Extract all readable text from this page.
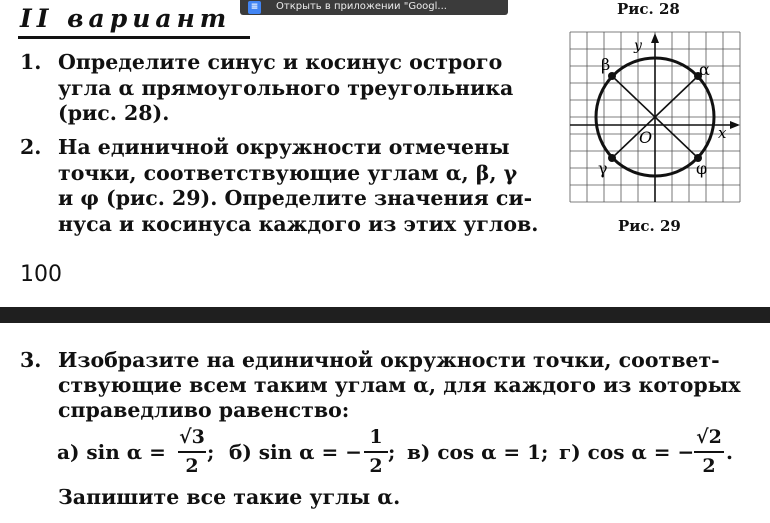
II вариант	≡ Открыть в приложении "Googl...
1. Определите синус и косинус острого
угла α прямоугольного треугольника
(рис. 28).
2. На единичной окружности отмечены
точки, соответствующие углам α, β, γ
и φ (рис. 29). Определите значения си-
нуса и косинуса каждого из этих углов.
100
Рис. 28
Рис. 29
y
x
O
α
β
γ	φ
3. Изобразите на единичной окружности точки, соответ-
ствующие всем таким углам α, для каждого из которых
справедливо равенство:
а) sin α =
√3
2
; б) sin α = −
1
2
; в) cos α = 1; г) cos α = −
√2
2
.
Запишите все такие углы α.
